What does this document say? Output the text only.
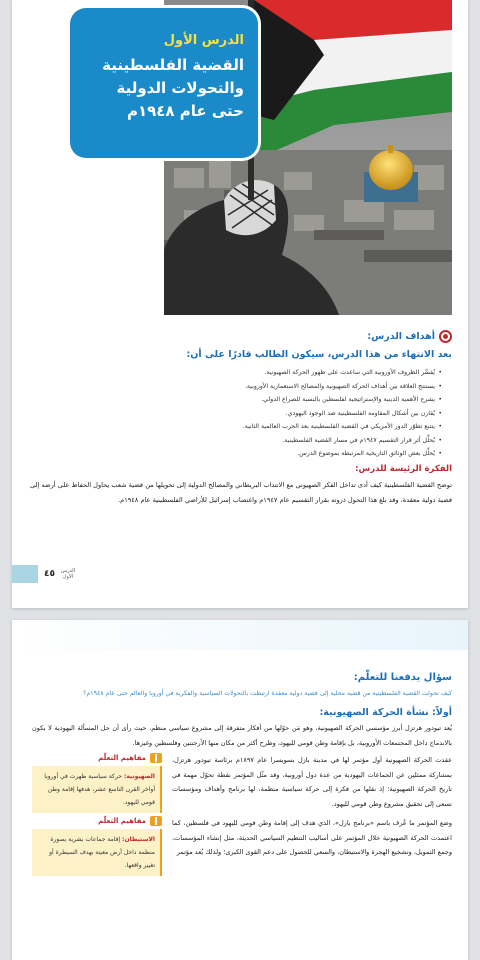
الدرس الأول
القضية الفلسطينية والتحولات الدولية حتى عام ١٩٤٨م
أهداف الدرس:
بعد الانتهاء من هذا الدرس، سيكون الطالب قادرًا على أن:
• يُفسِّر الظروف الأوروبية التي ساعدت على ظهور الحركة الصهيونية.
• يستنتج العلاقة بين أهداف الحركة الصهيونية والمصالح الاستعمارية الأوروبية.
• يشرح الأهمية الدينية والإستراتيجية لفلسطين بالنسبة للصراع الدولي.
• يُقارن بين أشكال المقاومة الفلسطينية ضد الوجود اليهودي.
• يتتبع تطوّر الدور الأمريكي في القضية الفلسطينية بعد الحرب العالمية الثانية.
• يُحلِّل أثر قرار التقسيم ١٩٤٧م في مسار القضية الفلسطينية.
• يُحلِّل بعض الوثائق التاريخية المرتبطة بموضوع الدرس.
الفكرة الرئيسة للدرس:

توضح القضية الفلسطينية كيف أدى تداخل الفكر الصهيوني مع الانتداب البريطاني والمصالح الدولية إلى تحويلها من قضية شعب يحاول الحفاظ على أرضه إلى قضية دولية معقدة، وقد بلغ هذا التحول ذروته بقرار التقسيم عام ١٩٤٧م واغتصاب إسرائيل للأراضي الفلسطينية عام ١٩٤٨م.

٤٥ الدرس
الأول
سؤال يدفعنا للتعلّم:
كيف تحولت القضية الفلسطينية من قضية محلية إلى قضية دولية معقدة ارتبطت بالتحولات السياسية والفكرية في أوروبا والعالم حتى عام ١٩٤٨م؟
أولاً: نشأة الحركة الصهيونية:

يُعد تيودور هرتزل أبرز مؤسسي الحركة الصهيونية، وهو مَن حوّلها من أفكار متفرقة إلى مشروع سياسي منظم، حيث رأى أن حل المسألة اليهودية لا يكون بالاندماج داخل المجتمعات الأوروبية، بل بإقامة وطن قومي لليهود، وطرح أكثر من مكان منها الأرجنتين وفلسطين وغيرها.

عقدت الحركة الصهيونية أول مؤتمر لها في مدينة بازل بسويسرا عام ١٨٩٧م برئاسة تيودور هرتزل، بمشاركة ممثلين عن الجماعات اليهودية من عدة دول أوروبية، وقد مثّل المؤتمر نقطة تحوّل مهمة في تاريخ الحركة الصهيونية؛ إذ نقلها من فكرة إلى حركة سياسية منظمة، لها برنامج وأهداف ومؤسسات تسعى إلى تحقيق مشروع وطن قومي لليهود.

مفاهيم التعلّم
الصهيونية: حركة سياسية ظهرت في أوروبا أواخر القرن التاسع عشر، هدفها إقامة وطن قومي لليهود.

وضع المؤتمر ما عُرف باسم «برنامج بازل»، الذي هدف إلى إقامة وطن قومي لليهود في فلسطين، كما اعتمدت الحركة الصهيونية خلال المؤتمر على أساليب التنظيم السياسي الحديثة، مثل إنشاء المؤسسات، وجمع التمويل، وتشجيع الهجرة والاستيطان، والسعي للحصول على دعم القوى الكبرى؛ ولذلك يُعد مؤتمر

مفاهيم التعلّم
الاستيطان: إقامة جماعات بشرية بصورة منظمة داخل أرض معينة بهدف السيطرة أو تغيير واقعها.
